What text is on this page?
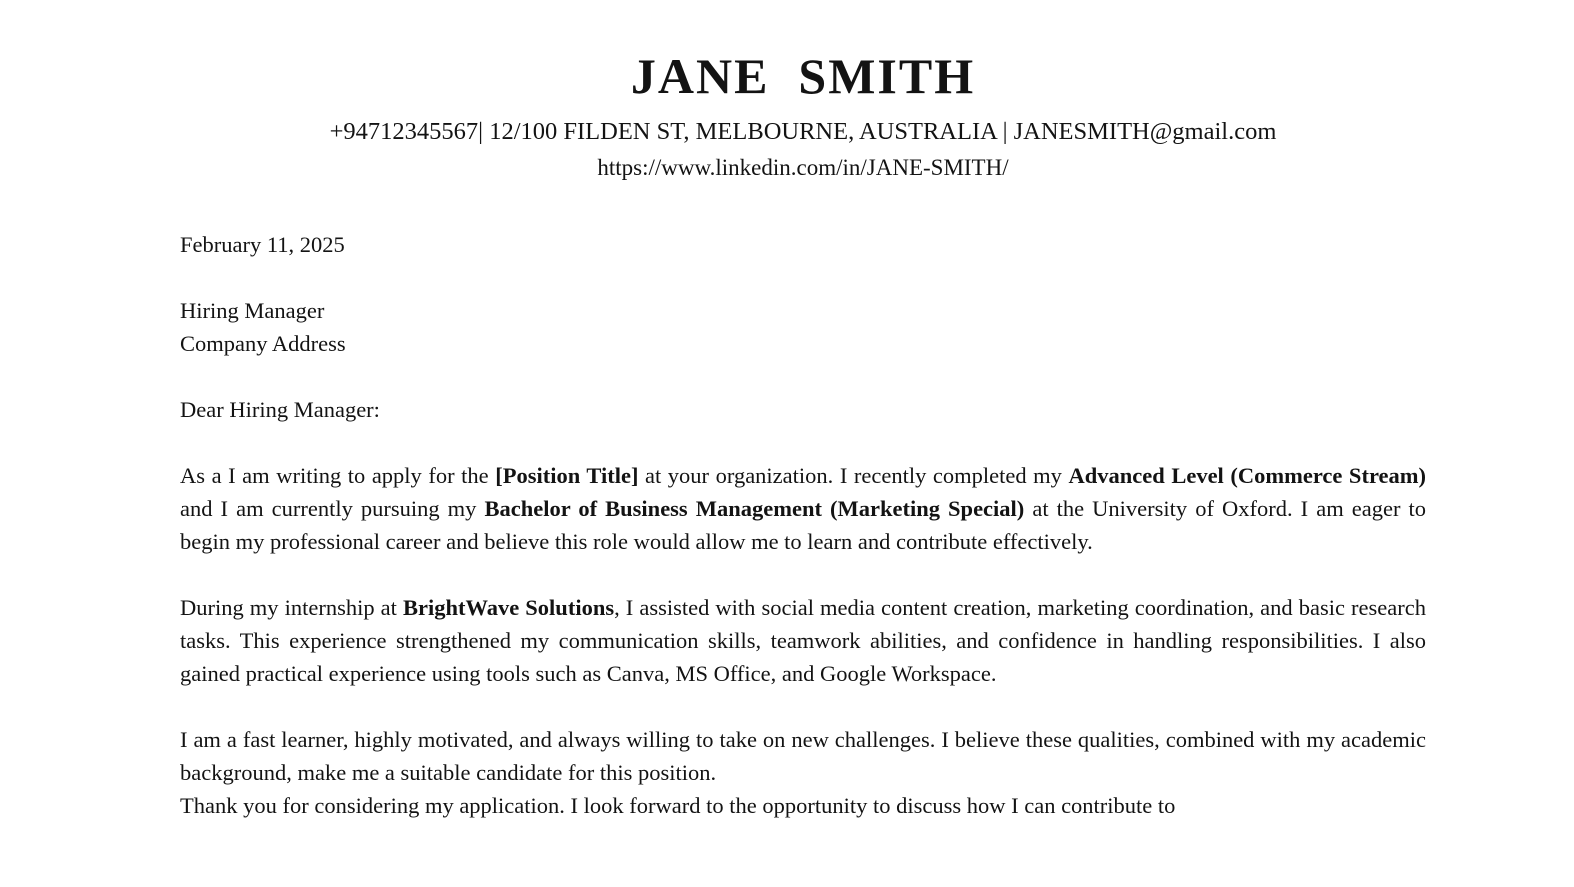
JANE  SMITH
+94712345567| 12/100 FILDEN ST, MELBOURNE, AUSTRALIA | JANESMITH@gmail.com
https://www.linkedin.com/in/JANE-SMITH/

February 11, 2025

Hiring Manager

Company Address

Dear Hiring Manager:

As a I am writing to apply for the [Position Title] at your organization. I recently completed my Advanced Level (Commerce Stream) and I am currently pursuing my Bachelor of Business Management (Marketing Special) at the University of Oxford. I am eager to begin my professional career and believe this role would allow me to learn and contribute effectively.

During my internship at BrightWave Solutions, I assisted with social media content creation, marketing coordination, and basic research tasks. This experience strengthened my communication skills, teamwork abilities, and confidence in handling responsibilities. I also gained practical experience using tools such as Canva, MS Office, and Google Workspace.

I am a fast learner, highly motivated, and always willing to take on new challenges. I believe these qualities, combined with my academic background, make me a suitable candidate for this position.

Thank you for considering my application. I look forward to the opportunity to discuss how I can contribute to
